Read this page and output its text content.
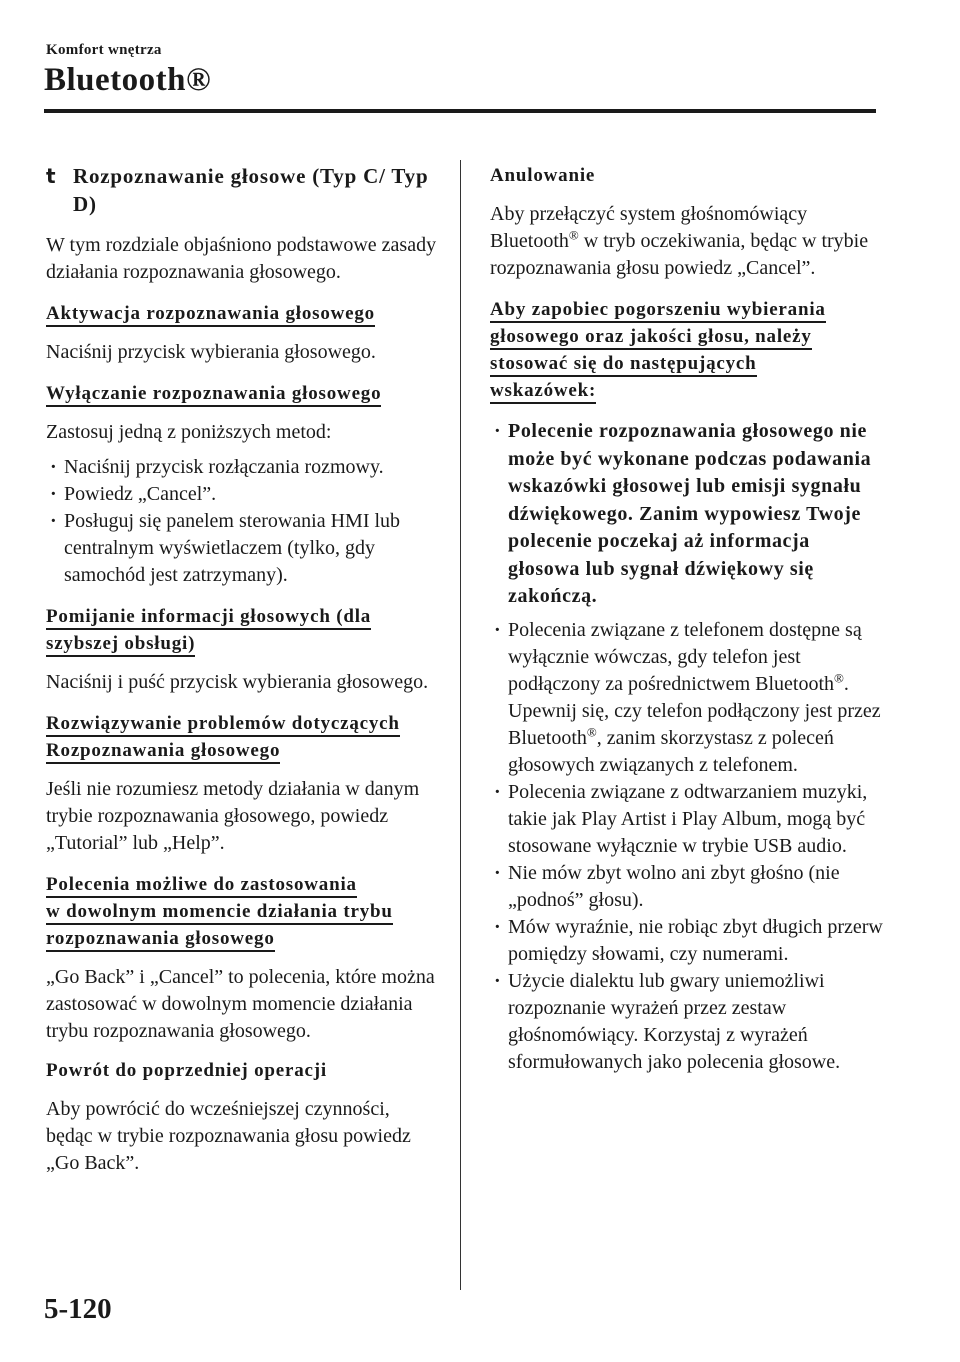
Komfort wnętrza
Bluetooth®
t Rozpoznawanie głosowe (Typ C/ Typ D)

W tym rozdziale objaśniono podstawowe zasady działania rozpoznawania głosowego.

Aktywacja rozpoznawania głosowego

Naciśnij przycisk wybierania głosowego.

Wyłączanie rozpoznawania głosowego

Zastosuj jedną z poniższych metod:

· Naciśnij przycisk rozłączania rozmowy.
· Powiedz „Cancel”.
· Posługuj się panelem sterowania HMI lub centralnym wyświetlaczem (tylko, gdy samochód jest zatrzymany).
Pomijanie informacji głosowych (dla
szybszej obsługi)

Naciśnij i puść przycisk wybierania głosowego.

Rozwiązywanie problemów dotyczących
Rozpoznawania głosowego

Jeśli nie rozumiesz metody działania w danym trybie rozpoznawania głosowego, powiedz „Tutorial” lub „Help”.

Polecenia możliwe do zastosowania
w dowolnym momencie działania trybu
rozpoznawania głosowego

„Go Back” i „Cancel” to polecenia, które można zastosować w dowolnym momencie działania trybu rozpoznawania głosowego.

Powrót do poprzedniej operacji

Aby powrócić do wcześniejszej czynności, będąc w trybie rozpoznawania głosu powiedz „Go Back”.

Anulowanie

Aby przełączyć system głośnomówiący Bluetooth® w tryb oczekiwania, będąc w trybie rozpoznawania głosu powiedz „Cancel”.

Aby zapobiec pogorszeniu wybierania
głosowego oraz jakości głosu, należy
stosować się do następujących
wskazówek:
· Polecenie rozpoznawania głosowego nie może być wykonane podczas podawania wskazówki głosowej lub emisji sygnału dźwiękowego. Zanim wypowiesz Twoje polecenie poczekaj aż informacja głosowa lub sygnał dźwiękowy się zakończą.
· Polecenia związane z telefonem dostępne są wyłącznie wówczas, gdy telefon jest podłączony za pośrednictwem Bluetooth®. Upewnij się, czy telefon podłączony jest przez Bluetooth®, zanim skorzystasz z poleceń głosowych związanych z telefonem.
· Polecenia związane z odtwarzaniem muzyki, takie jak Play Artist i Play Album, mogą być stosowane wyłącznie w trybie USB audio.
· Nie mów zbyt wolno ani zbyt głośno (nie „podnoś” głosu).
· Mów wyraźnie, nie robiąc zbyt długich przerw pomiędzy słowami, czy numerami.
· Użycie dialektu lub gwary uniemożliwi rozpoznanie wyrażeń przez zestaw głośnomówiący. Korzystaj z wyrażeń sformułowanych jako polecenia głosowe.
5-120
